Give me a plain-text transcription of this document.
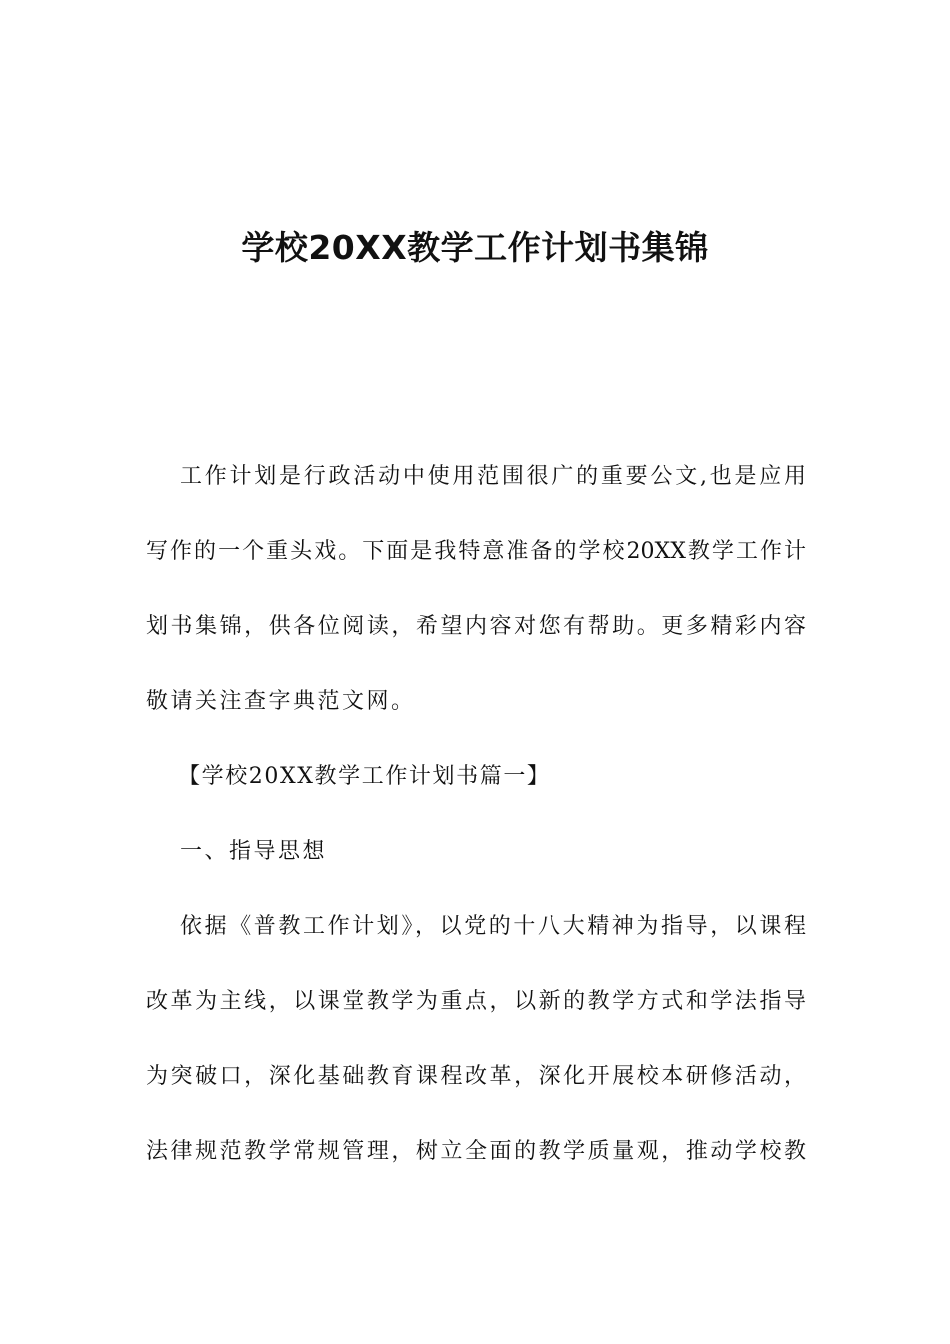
学校20XX教学工作计划书集锦

工作计划是行政活动中使用范围很广的重要公文,也是应用

写作的一个重头戏。下面是我特意准备的学校20XX教学工作计

划书集锦，供各位阅读，希望内容对您有帮助。更多精彩内容

敬请关注查字典范文网。

【学校20XX教学工作计划书篇一】

一、指导思想

依据《普教工作计划》，以党的十八大精神为指导，以课程

改革为主线，以课堂教学为重点，以新的教学方式和学法指导

为突破口，深化基础教育课程改革，深化开展校本研修活动，

法律规范教学常规管理，树立全面的教学质量观，推动学校教
